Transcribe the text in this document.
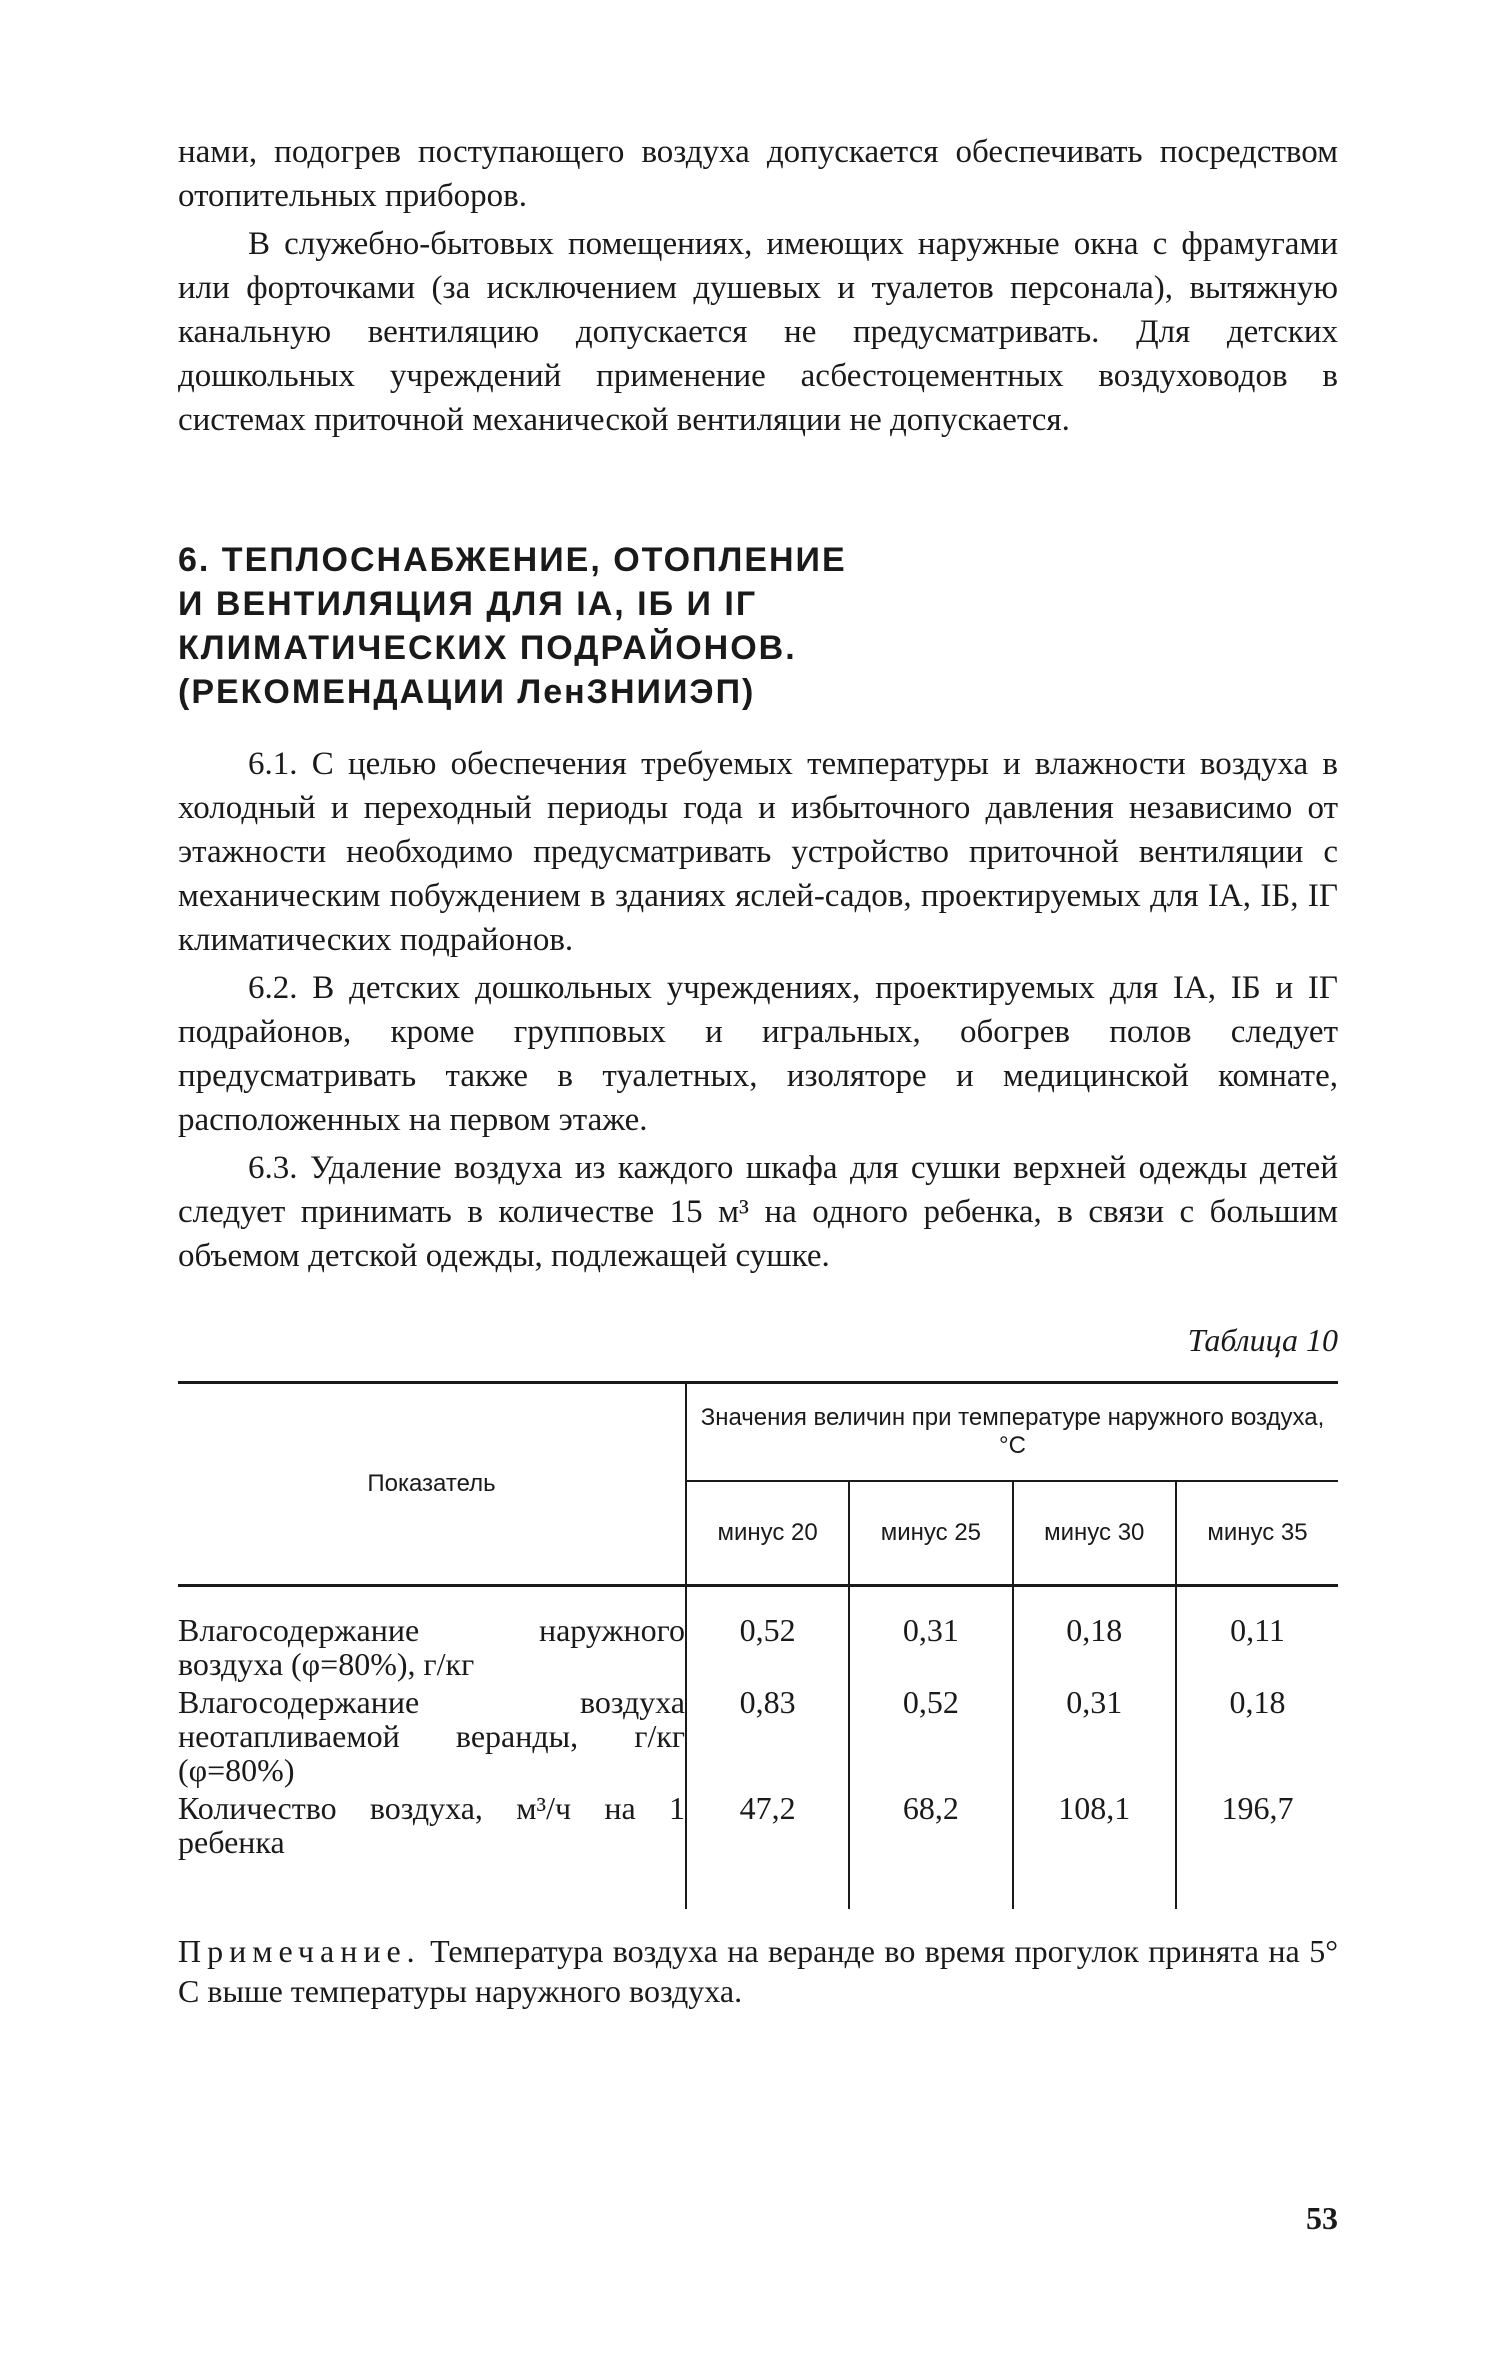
нами, подогрев поступающего воздуха допускается обеспечивать посредством отопительных приборов.

В служебно-бытовых помещениях, имеющих наружные окна с фрамугами или форточками (за исключением душевых и туалетов персонала), вытяжную канальную вентиляцию допускается не предусматривать. Для детских дошкольных учреждений применение асбестоцементных воздуховодов в системах приточной механической вентиляции не допускается.

6. ТЕПЛОСНАБЖЕНИЕ, ОТОПЛЕНИЕ
И ВЕНТИЛЯЦИЯ ДЛЯ IА, IБ И IГ
КЛИМАТИЧЕСКИХ ПОДРАЙОНОВ.
(РЕКОМЕНДАЦИИ ЛенЗНИИЭП)

6.1. С целью обеспечения требуемых температуры и влажности воздуха в холодный и переходный периоды года и избыточного давления независимо от этажности необходимо предусматривать устройство приточной вентиляции с механическим побуждением в зданиях яслей-садов, проектируемых для IА, IБ, IГ климатических подрайонов.

6.2. В детских дошкольных учреждениях, проектируемых для IА, IБ и IГ подрайонов, кроме групповых и игральных, обогрев полов следует предусматривать также в туалетных, изоляторе и медицинской комнате, расположенных на первом этаже.

6.3. Удаление воздуха из каждого шкафа для сушки верхней одежды детей следует принимать в количестве 15 м³ на одного ребенка, в связи с большим объемом детской одежды, подлежащей сушке.

Таблица 10
Показатель	Значения величин при температуре наружного воздуха, °С			
	минус 20	минус 25	минус 30	минус 35
Влагосодержание наружного воздуха (φ=80%), г/кг	0,52	0,31	0,18	0,11
Влагосодержание воздуха неотапливаемой веранды, г/кг (φ=80%)	0,83	0,52	0,31	0,18
Количество воздуха, м³/ч на 1 ребенка	47,2	68,2	108,1	196,7

Примечание. Температура воздуха на веранде во время прогулок принята на 5° С выше температуры наружного воздуха.

53
